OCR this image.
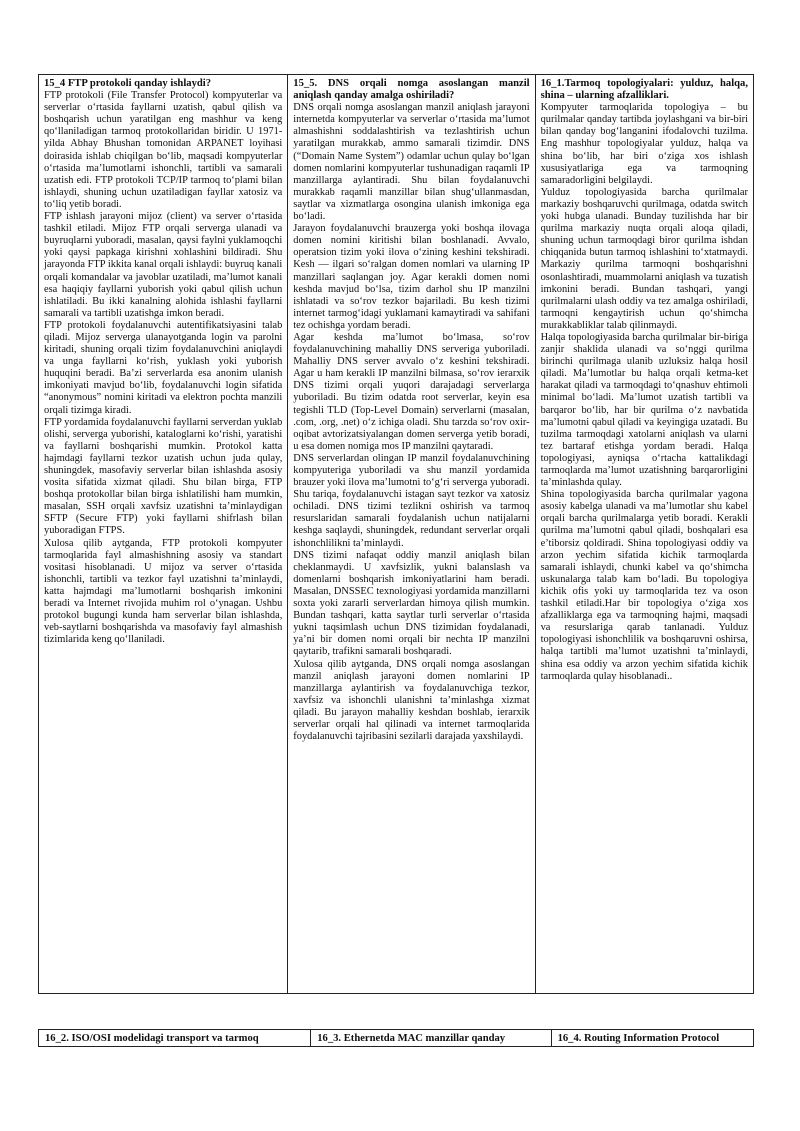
15_4 FTP protokoli qanday ishlaydi?

FTP protokoli (File Transfer Protocol) kompyuterlar va serverlar o‘rtasida fayllarni uzatish, qabul qilish va boshqarish uchun yaratilgan eng mashhur va keng qo‘llaniladigan tarmoq protokollaridan biridir. U 1971-yilda Abhay Bhushan tomonidan ARPANET loyihasi doirasida ishlab chiqilgan bo‘lib, maqsadi kompyuterlar o‘rtasida ma’lumotlarni ishonchli, tartibli va samarali uzatish edi. FTP protokoli TCP/IP tarmoq to‘plami bilan ishlaydi, shuning uchun uzatiladigan fayllar xatosiz va to‘liq yetib boradi.

FTP ishlash jarayoni mijoz (client) va server o‘rtasida tashkil etiladi. Mijoz FTP orqali serverga ulanadi va buyruqlarni yuboradi, masalan, qaysi faylni yuklamoqchi yoki qaysi papkaga kirishni xohlashini bildiradi. Shu jarayonda FTP ikkita kanal orqali ishlaydi: buyruq kanali orqali komandalar va javoblar uzatiladi, ma’lumot kanali esa haqiqiy fayllarni yuborish yoki qabul qilish uchun ishlatiladi. Bu ikki kanalning alohida ishlashi fayllarni samarali va tartibli uzatishga imkon beradi.

FTP protokoli foydalanuvchi autentifikatsiyasini talab qiladi. Mijoz serverga ulanayotganda login va parolni kiritadi, shuning orqali tizim foydalanuvchini aniqlaydi va unga fayllarni ko‘rish, yuklash yoki yuborish huquqini beradi. Ba’zi serverlarda esa anonim ulanish imkoniyati mavjud bo‘lib, foydalanuvchi login sifatida “anonymous” nomini kiritadi va elektron pochta manzili orqali tizimga kiradi.

FTP yordamida foydalanuvchi fayllarni serverdan yuklab olishi, serverga yuborishi, kataloglarni ko‘rishi, yaratishi va fayllarni boshqarishi mumkin. Protokol katta hajmdagi fayllarni tezkor uzatish uchun juda qulay, shuningdek, masofaviy serverlar bilan ishlashda asosiy vosita sifatida xizmat qiladi. Shu bilan birga, FTP boshqa protokollar bilan birga ishlatilishi ham mumkin, masalan, SSH orqali xavfsiz uzatishni ta’minlaydigan SFTP (Secure FTP) yoki fayllarni shifrlash bilan yuboradigan FTPS.

Xulosa qilib aytganda, FTP protokoli kompyuter tarmoqlarida fayl almashishning asosiy va standart vositasi hisoblanadi. U mijoz va server o‘rtasida ishonchli, tartibli va tezkor fayl uzatishni ta’minlaydi, katta hajmdagi ma’lumotlarni boshqarish imkonini beradi va Internet rivojida muhim rol o‘ynagan. Ushbu protokol bugungi kunda ham serverlar bilan ishlashda, veb-saytlarni boshqarishda va masofaviy fayl almashish tizimlarida keng qo‘llaniladi.

15_5. DNS orqali nomga asoslangan manzil aniqlash qanday amalga oshiriladi?

DNS orqali nomga asoslangan manzil aniqlash jarayoni internetda kompyuterlar va serverlar o‘rtasida ma’lumot almashishni soddalashtirish va tezlashtirish uchun yaratilgan murakkab, ammo samarali tizimdir. DNS (“Domain Name System”) odamlar uchun qulay bo‘lgan domen nomlarini kompyuterlar tushunadigan raqamli IP manzillarga aylantiradi. Shu bilan foydalanuvchi murakkab raqamli manzillar bilan shug‘ullanmasdan, saytlar va xizmatlarga osongina ulanish imkoniga ega bo‘ladi.

Jarayon foydalanuvchi brauzerga yoki boshqa ilovaga domen nomini kiritishi bilan boshlanadi. Avvalo, operatsion tizim yoki ilova o‘zining keshini tekshiradi. Kesh — ilgari so‘ralgan domen nomlari va ularning IP manzillari saqlangan joy. Agar kerakli domen nomi keshda mavjud bo‘lsa, tizim darhol shu IP manzilni ishlatadi va so‘rov tezkor bajariladi. Bu kesh tizimi internet tarmog‘idagi yuklamani kamaytiradi va sahifani tez ochishga yordam beradi.

Agar keshda ma’lumot bo‘lmasa, so‘rov foydalanuvchining mahalliy DNS serveriga yuboriladi. Mahalliy DNS server avvalo o‘z keshini tekshiradi. Agar u ham kerakli IP manzilni bilmasa, so‘rov ierarxik DNS tizimi orqali yuqori darajadagi serverlarga yuboriladi. Bu tizim odatda root serverlar, keyin esa tegishli TLD (Top-Level Domain) serverlarni (masalan, .com, .org, .net) o‘z ichiga oladi. Shu tarzda so‘rov oxir-oqibat avtorizatsiyalangan domen serverga yetib boradi, u esa domen nomiga mos IP manzilni qaytaradi.

DNS serverlardan olingan IP manzil foydalanuvchining kompyuteriga yuboriladi va shu manzil yordamida brauzer yoki ilova ma’lumotni to‘g‘ri serverga yuboradi. Shu tariqa, foydalanuvchi istagan sayt tezkor va xatosiz ochiladi. DNS tizimi tezlikni oshirish va tarmoq resurslaridan samarali foydalanish uchun natijalarni keshga saqlaydi, shuningdek, redundant serverlar orqali ishonchlilikni ta’minlaydi.

DNS tizimi nafaqat oddiy manzil aniqlash bilan cheklanmaydi. U xavfsizlik, yukni balanslash va domenlarni boshqarish imkoniyatlarini ham beradi. Masalan, DNSSEC texnologiyasi yordamida manzillarni soxta yoki zararli serverlardan himoya qilish mumkin. Bundan tashqari, katta saytlar turli serverlar o‘rtasida yukni taqsimlash uchun DNS tizimidan foydalanadi, ya’ni bir domen nomi orqali bir nechta IP manzilni qaytarib, trafikni samarali boshqaradi.

Xulosa qilib aytganda, DNS orqali nomga asoslangan manzil aniqlash jarayoni domen nomlarini IP manzillarga aylantirish va foydalanuvchiga tezkor, xavfsiz va ishonchli ulanishni ta’minlashga xizmat qiladi. Bu jarayon mahalliy keshdan boshlab, ierarxik serverlar orqali hal qilinadi va internet tarmoqlarida foydalanuvchi tajribasini sezilarli darajada yaxshilaydi.

16_1.Tarmoq topologiyalari: yulduz, halqa, shina – ularning afzalliklari.

Kompyuter tarmoqlarida topologiya – bu qurilmalar qanday tartibda joylashgani va bir-biri bilan qanday bog‘langanini ifodalovchi tuzilma. Eng mashhur topologiyalar yulduz, halqa va shina bo‘lib, har biri o‘ziga xos ishlash xususiyatlariga ega va tarmoqning samaradorligini belgilaydi.

Yulduz topologiyasida barcha qurilmalar markaziy boshqaruvchi qurilmaga, odatda switch yoki hubga ulanadi. Bunday tuzilishda har bir qurilma markaziy nuqta orqali aloqa qiladi, shuning uchun tarmoqdagi biror qurilma ishdan chiqqanida butun tarmoq ishlashini to‘xtatmaydi. Markaziy qurilma tarmoqni boshqarishni osonlashtiradi, muammolarni aniqlash va tuzatish imkonini beradi. Bundan tashqari, yangi qurilmalarni ulash oddiy va tez amalga oshiriladi, tarmoqni kengaytirish uchun qo‘shimcha murakkabliklar talab qilinmaydi.

Halqa topologiyasida barcha qurilmalar bir-biriga zanjir shaklida ulanadi va so‘nggi qurilma birinchi qurilmaga ulanib uzluksiz halqa hosil qiladi. Ma’lumotlar bu halqa orqali ketma-ket harakat qiladi va tarmoqdagi to‘qnashuv ehtimoli minimal bo‘ladi. Ma’lumot uzatish tartibli va barqaror bo‘lib, har bir qurilma o‘z navbatida ma’lumotni qabul qiladi va keyingiga uzatadi. Bu tuzilma tarmoqdagi xatolarni aniqlash va ularni tez bartaraf etishga yordam beradi. Halqa topologiyasi, ayniqsa o‘rtacha kattalikdagi tarmoqlarda ma’lumot uzatishning barqarorligini ta’minlashda qulay.

Shina topologiyasida barcha qurilmalar yagona asosiy kabelga ulanadi va ma’lumotlar shu kabel orqali barcha qurilmalarga yetib boradi. Kerakli qurilma ma’lumotni qabul qiladi, boshqalari esa e’tiborsiz qoldiradi. Shina topologiyasi oddiy va arzon yechim sifatida kichik tarmoqlarda samarali ishlaydi, chunki kabel va qo‘shimcha uskunalarga talab kam bo‘ladi. Bu topologiya kichik ofis yoki uy tarmoqlarida tez va oson tashkil etiladi.Har bir topologiya o‘ziga xos afzalliklarga ega va tarmoqning hajmi, maqsadi va resurslariga qarab tanlanadi. Yulduz topologiyasi ishonchlilik va boshqaruvni oshirsa, halqa tartibli ma’lumot uzatishni ta’minlaydi, shina esa oddiy va arzon yechim sifatida kichik tarmoqlarda qulay hisoblanadi..

16_2. ISO/OSI modelidagi transport va tarmoq	16_3. Ethernetda MAC manzillar qanday	16_4. Routing Information Protocol
